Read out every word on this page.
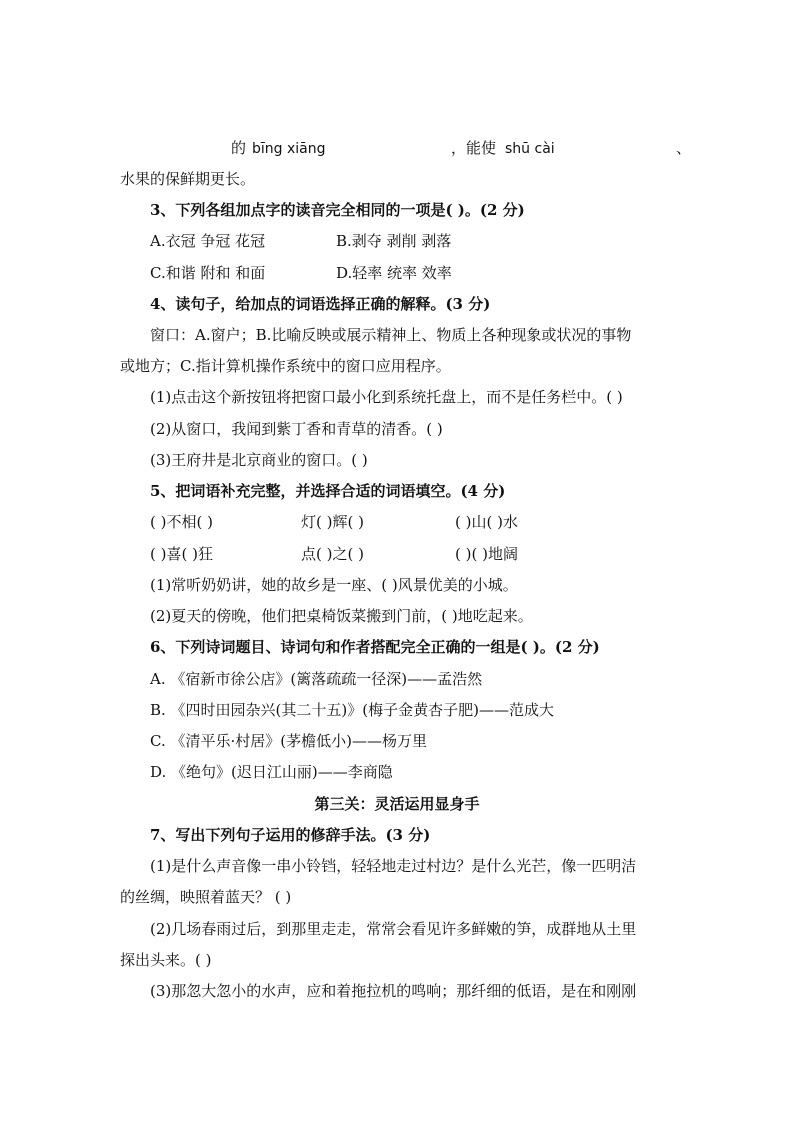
的 bīng xiāng	，能使 shū cài	、
水果的保鲜期更长。
3、下列各组加点字的读音完全相同的一项是( )。(2 分)
A.衣冠 争冠 花冠	B.剥夺 剥削 剥落
C.和谐 附和 和面	D.轻率 统率 效率
4、读句子，给加点的词语选择正确的解释。(3 分)
窗口：A.窗户；B.比喻反映或展示精神上、物质上各种现象或状况的事物
或地方；C.指计算机操作系统中的窗口应用程序。
(1)点击这个新按钮将把窗口最小化到系统托盘上，而不是任务栏中。( )
(2)从窗口，我闻到紫丁香和青草的清香。( )
(3)王府井是北京商业的窗口。( )
5、把词语补充完整，并选择合适的词语填空。(4 分)
( )不相( )	灯( )辉( )	( )山( )水
( )喜( )狂	点( )之( )	( )( )地阔
(1)常听奶奶讲，她的故乡是一座、( )风景优美的小城。
(2)夏天的傍晚，他们把桌椅饭菜搬到门前，( )地吃起来。
6、下列诗词题目、诗词句和作者搭配完全正确的一组是( )。(2 分)
A. 《宿新市徐公店》(篱落疏疏一径深)——孟浩然
B. 《四时田园杂兴(其二十五)》(梅子金黄杏子肥)——范成大
C. 《清平乐·村居》(茅檐低小)——杨万里
D. 《绝句》(迟日江山丽)——李商隐
第三关：灵活运用显身手
7、写出下列句子运用的修辞手法。(3 分)
(1)是什么声音像一串小铃铛，轻轻地走过村边？是什么光芒，像一匹明洁
的丝绸，映照着蓝天？ ( )
(2)几场春雨过后，到那里走走，常常会看见许多鲜嫩的笋，成群地从土里
探出头来。( )
(3)那忽大忽小的水声，应和着拖拉机的鸣响；那纤细的低语，是在和刚刚
